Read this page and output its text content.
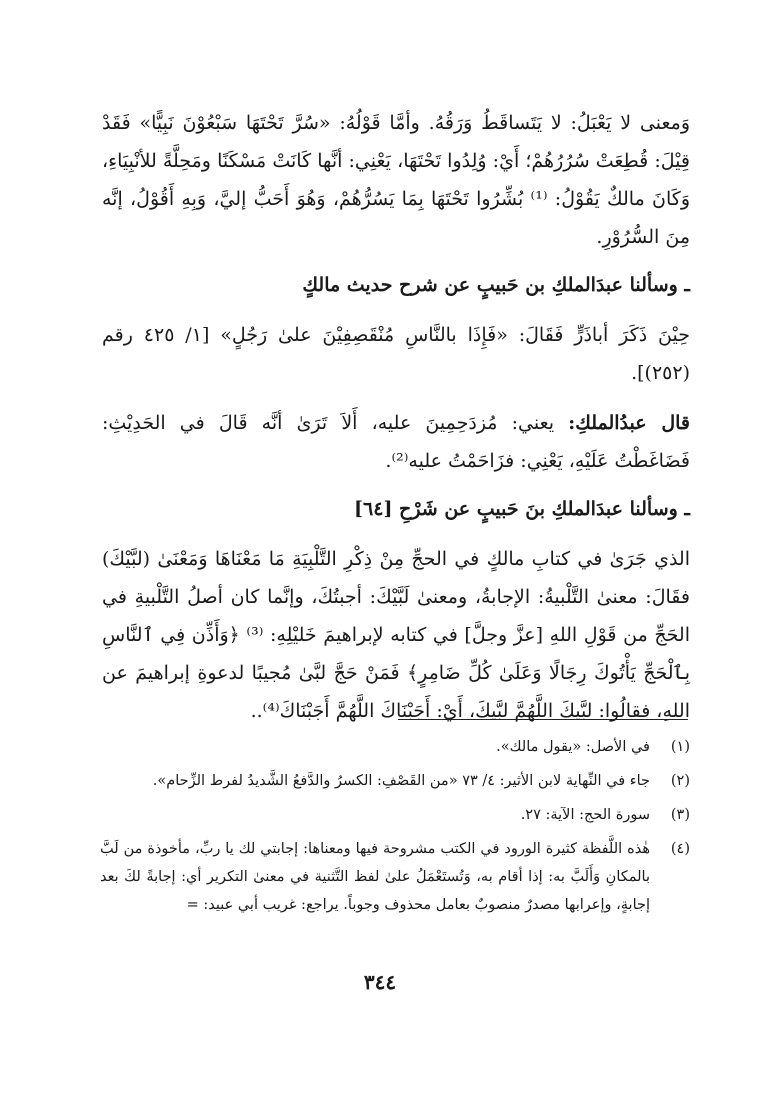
وَمعنى لا يَعْبَلُ: لا يَتَساقَطُ وَرَقُهُ. وأمَّا قَوْلُهُ: «سُرَّ تَحْتَهَا سَبْعُوْنَ نَبِيًّا» فَقَدْ قِيْلَ: قُطِعَتْ سُرُرُهُمْ؛ أَيْ: وُلِدُوا تَحْتَهَا، يَعْنِي: أنَّها كَانَتْ مَسْكَنًا ومَحِلَّةً للأنْبِيَاءِ، وَكَانَ مالكٌ يَقُوْلُ: ⁽¹⁾ بُشِّرُوا تَحْتَهَا بِمَا يَسُرُّهُمْ، وَهُوَ أَحَبُّ إليَّ، وَبِهِ أَقُوْلُ، إنَّه مِنَ السُّرُوْرِ.

ـ وسألنا عبدَالملكِ بن حَبيبٍ عن شرح حديث مالكٍ

حِيْنَ ذَكَرَ أباذَرٍّ فَقَالَ: «فَإِذَا بالنَّاسِ مُنْقَصِفِيْنَ علىٰ رَجُلٍ» [١/ ٤٢٥ رقم (٢٥٢)].

قال عبدُالملكِ: يعني: مُزدَحِمِينَ عليه، أَلاَ تَرَىٰ أنَّه قَالَ في الحَدِيْثِ: فَضَاغَطْتُ عَلَيْهِ، يَعْنِي: فزَاحَمْتُ عليه⁽²⁾.

ـ وسألنا عبدَالملكِ بنَ حَبيبٍ عن شَرْحِ [٦٤]

الذي جَرَىٰ في كتابِ مالكٍ في الحجِّ مِنْ ذِكْرِ التَّلْبِيَةِ مَا مَعْنَاهَا وَمَعْنَىٰ (لبَّيْكَ) فقَالَ: معنىٰ التَّلْبيةُ: الإجابةُ، ومعنىٰ لَبَّيْكَ: أجبتُكَ، وإنَّما كان أصلُ التَّلْبيةِ في الحَجِّ من قَوْلِ اللهِ [عزَّ وجلَّ] في كتابه لإبراهيمَ خَليْلِهِ: ⁽³⁾ ﴿وَأَذِّن فِي ٱلنَّاسِ بِٱلْحَجِّ يَأْتُوكَ رِجَالًا وَعَلَىٰ كُلِّ ضَامِرٍ﴾ فَمَنْ حَجَّ لبَّىٰ مُجيبًا لدعوةِ إبراهيمَ عن اللهِ، فقالُوا: لبَّيكَ اللَّهُمَّ لبَّيكَ، أَيْ: أَجَبْنَاكَ اللَّهُمَّ أَجَبْنَاكَ⁽⁴⁾..

(١)
في الأصل: «يقول مالك».
(٢)
جاء في النِّهاية لابن الأثير: ٤/ ٧٣ «من القَصْفِ: الكسرُ والدَّفعُ الشَّديدُ لفرط الزِّحام».
(٣)
سورة الحج: الآية: ٢٧.
(٤)
هٰذه اللَّفظة كثيرة الورود في الكتب مشروحة فيها ومعناها: إجابتي لك يا ربِّ، مأخوذة من لَبَّ بالمكانِ وَأَلَبَّ به: إذا أقام به، وَتُستَعْمَلُ علىٰ لفظ التَّثنية في معنىٰ التكرير أي: إجابةً لكَ بعد إجابةٍ، وإعرابها مصدرٌ منصوبٌ بعامل محذوف وجوباً. يراجع: غريب أبي عبيد: =
٣٤٤
